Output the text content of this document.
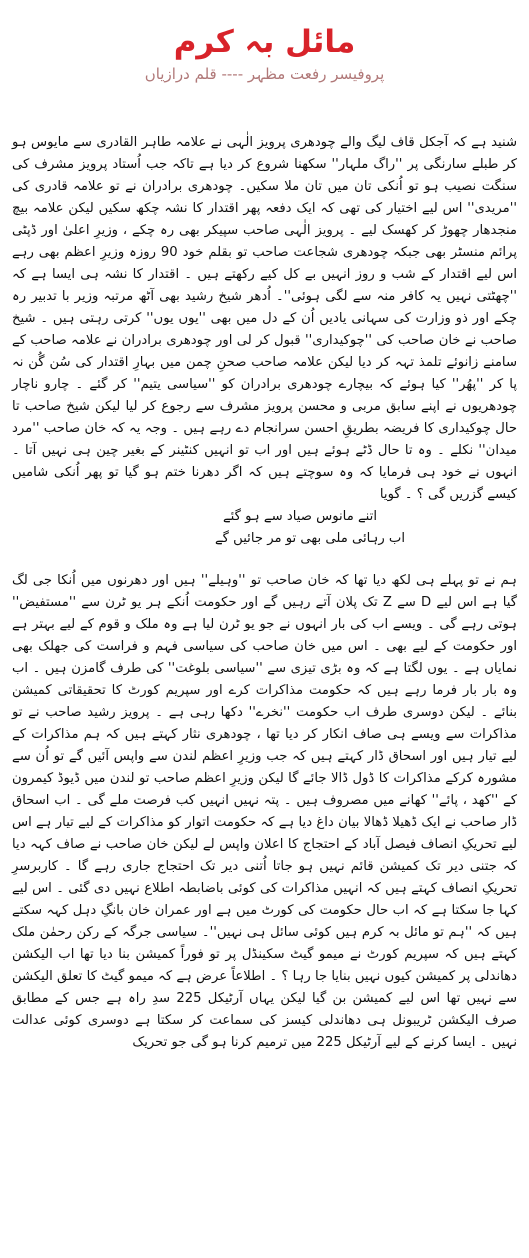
مائل بہ کرم
پروفیسر رفعت مظہر ---- قلم درازیاں

شنید ہے کہ آجکل قاف لیگ والے چودھری پرویز الٰہی نے علامہ طاہر القادری سے مایوس ہو کر طبلے سارنگی پر ''راگ ملہار'' سکھنا شروع کر دیا ہے تاکہ جب اُستاد پرویز مشرف کی سنگت نصیب ہو تو اُنکی تان میں تان ملا سکیں۔ چودھری برادران نے تو علامہ قادری کی ''مریدی'' اس لیے اختیار کی تھی کہ ایک دفعہ پھر اقتدار کا نشہ چکھ سکیں لیکن علامہ بیچ منجدھار چھوڑ کر کھسک لیے ۔ پرویز الٰہی صاحب سپیکر بھی رہ چکے ، وزیرِ اعلیٰ اور ڈپٹی پرائم منسٹر بھی جبکہ چودھری شجاعت صاحب تو بقلم خود 90 روزہ وزیرِ اعظم بھی رہے اس لیے اقتدار کے شب و روز انہیں بے کل کیے رکھتے ہیں ۔ اقتدار کا نشہ ہی ایسا ہے کہ ''چھٹتی نہیں یہ کافر منہ سے لگی ہوئی''۔ اُدھر شیخ رشید بھی آٹھ مرتبہ وزیر با تدبیر رہ چکے اور ذو وزارت کی سہانی یادیں اُن کے دل میں بھی ''یوں یوں'' کرتی رہتی ہیں ۔ شیخ صاحب نے خان صاحب کی ''چوکیداری'' قبول کر لی اور چودھری برادران نے علامہ صاحب کے سامنے زانوئے تلمذ تہہ کر دیا لیکن علامہ صاحب صحنِ چمن میں بہارِ اقتدار کی سُن گُن نہ پا کر ''پھُر'' کیا ہوئے کہ بیچارے چودھری برادران کو ''سیاسی یتیم'' کر گئے ۔ چارو ناچار چودھریوں نے اپنے سابق مربی و محسن پرویز مشرف سے رجوع کر لیا لیکن شیخ صاحب تا حال چوکیداری کا فریضہ بطریقِ احسن سرانجام دے رہے ہیں ۔ وجہ یہ کہ خان صاحب ''مرد میدان'' نکلے ۔ وہ تا حال ڈٹے ہوئے ہیں اور اب تو انہیں کنٹینر کے بغیر چین ہی نہیں آتا ۔ انہوں نے خود ہی فرمایا کہ وہ سوچتے ہیں کہ اگر دھرنا ختم ہو گیا تو پھر اُنکی شامیں کیسے گزریں گی ؟ ۔ گویا

اتنے مانوس صیاد سے ہو گئے
اب رہائی ملی بھی تو مر جائیں گے

ہم نے تو پہلے ہی لکھ دیا تھا کہ خان صاحب تو ''وہیلے'' ہیں اور دھرنوں میں اُنکا جی لگ گیا ہے اس لیے D سے Z تک پلان آتے رہیں گے اور حکومت اُنکے ہر یو ٹرن سے ''مستفیض'' ہوتی رہے گی ۔ ویسے اب کی بار انہوں نے جو یو ٹرن لیا ہے وہ ملک و قوم کے لیے بہتر ہے اور حکومت کے لیے بھی ۔ اس میں خان صاحب کی سیاسی فہم و فراست کی جھلک بھی نمایاں ہے ۔ یوں لگتا ہے کہ وہ بڑی تیزی سے ''سیاسی بلوغت'' کی طرف گامزن ہیں ۔ اب وہ بار بار فرما رہے ہیں کہ حکومت مذاکرات کرے اور سپریم کورٹ کا تحقیقاتی کمیشن بنائے ۔ لیکن دوسری طرف اب حکومت ''نخرے'' دکھا رہی ہے ۔ پرویز رشید صاحب نے تو مذاکرات سے ویسے ہی صاف انکار کر دیا تھا ، چودھری نثار کہتے ہیں کہ ہم مذاکرات کے لیے تیار ہیں اور اسحاق ڈار کہتے ہیں کہ جب وزیرِ اعظم لندن سے واپس آئیں گے تو اُن سے مشورہ کرکے مذاکرات کا ڈول ڈالا جائے گا لیکن وزیرِ اعظم صاحب تو لندن میں ڈیوڈ کیمرون کے ''کھد ، پائے'' کھانے میں مصروف ہیں ۔ پتہ نہیں انہیں کب فرصت ملے گی ۔ اب اسحاق ڈار صاحب نے ایک ڈھیلا ڈھالا بیان داغ دیا ہے کہ حکومت اتوار کو مذاکرات کے لیے تیار ہے اس لیے تحریکِ انصاف فیصل آباد کے احتجاج کا اعلان واپس لے لیکن خان صاحب نے صاف کہہ دیا کہ جتنی دیر تک کمیشن قائم نہیں ہو جاتا اُتنی دیر تک احتجاج جاری رہے گا ۔ کاربرسرِ تحریکِ انصاف کہتے ہیں کہ انہیں مذاکرات کی کوئی باضابطہ اطلاع نہیں دی گئی ۔ اس لیے کہا جا سکتا ہے کہ اب حال حکومت کی کورٹ میں ہے اور عمران خان بانگِ دہل کہہ سکتے ہیں کہ ''ہم تو مائل بہ کرم ہیں کوئی سائل ہی نہیں''۔ سیاسی جرگہ کے رکن رحمٰن ملک کہتے ہیں کہ سپریم کورٹ نے میمو گیٹ سکینڈل پر تو فوراً کمیشن بنا دیا تھا اب الیکشن دھاندلی پر کمیشن کیوں نہیں بنایا جا رہا ؟ ۔ اطلاعاً عرض ہے کہ میمو گیٹ کا تعلق الیکشن سے نہیں تھا اس لیے کمیشن بن گیا لیکن یہاں آرٹیکل 225 سدِ راہ ہے جس کے مطابق صرف الیکشن ٹریبونل ہی دھاندلی کیسز کی سماعت کر سکتا ہے دوسری کوئی عدالت نہیں ۔ ایسا کرنے کے لیے آرٹیکل 225 میں ترمیم کرنا ہو گی جو تحریک
